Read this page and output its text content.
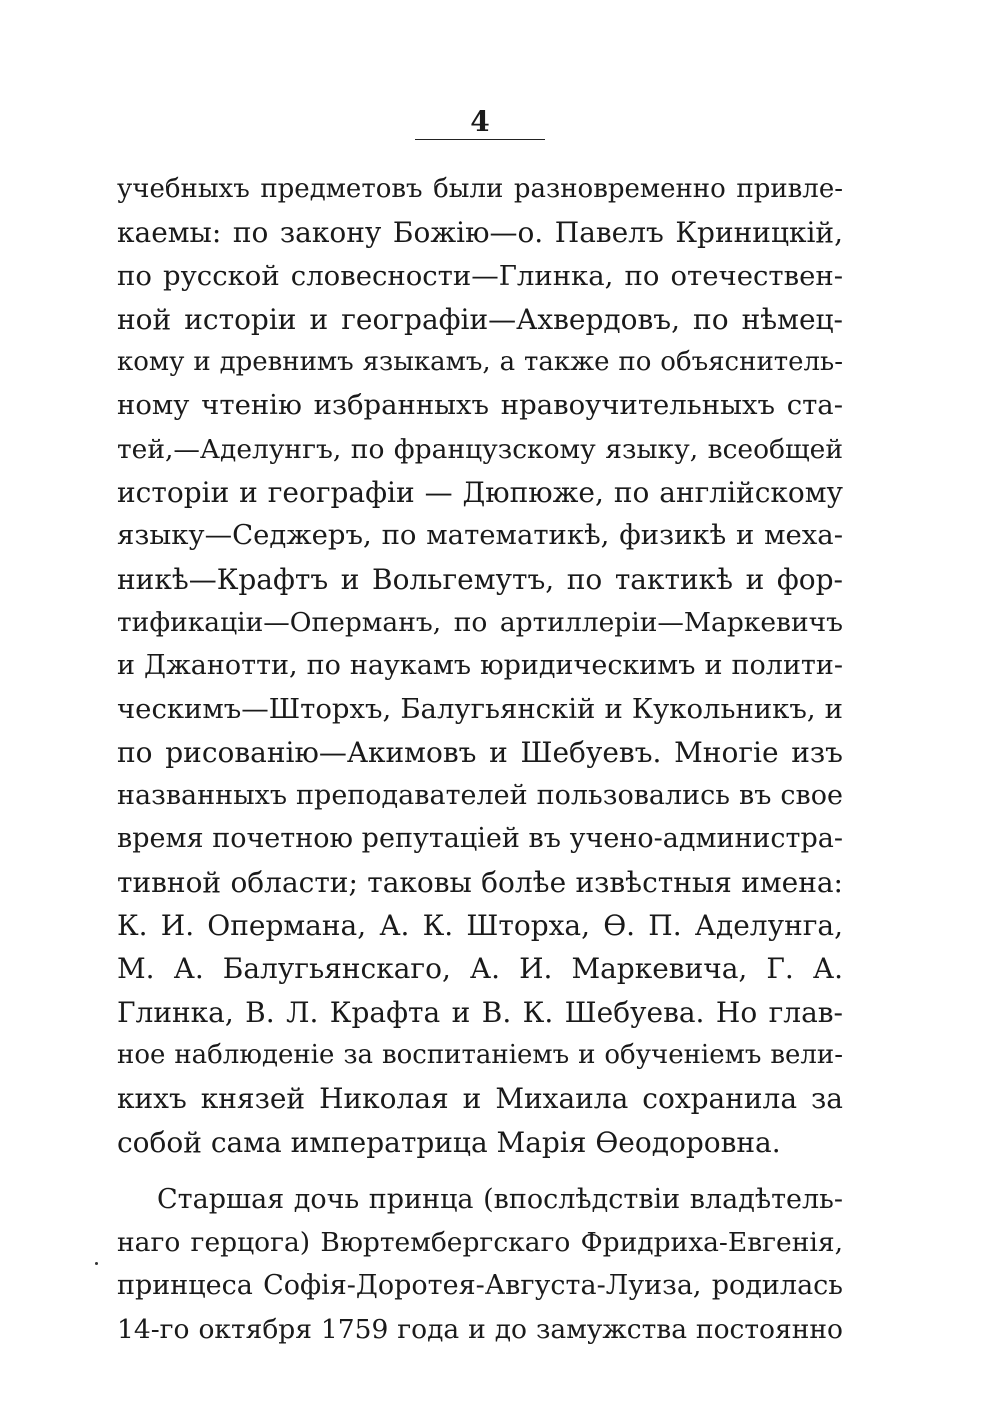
4
учебныхъ предметовъ были разновременно привле-
каемы: по закону Божiю—о. Павелъ Криницкiй,
по русской словесности—Глинка, по отечествен-
ной исторiи и географiи—Ахвердовъ, по нѣмец-
кому и древнимъ языкамъ, а также по объяснитель-
ному чтенiю избранныхъ нравоучительныхъ ста-
тей,—Аделунгъ, по французскому языку, всеобщей
исторiи и географiи — Дюпюже, по англiйскому
языку—Седжеръ, по математикѣ, физикѣ и меха-
никѣ—Крафтъ и Вольгемутъ, по тактикѣ и фор-
тификацiи—Оперманъ, по артиллерiи—Маркевичъ
и Джанотти, по наукамъ юридическимъ и полити-
ческимъ—Шторхъ, Балугьянскiй и Кукольникъ, и
по рисованiю—Акимовъ и Шебуевъ. Многiе изъ
названныхъ преподавателей пользовались въ свое
время почетною репутацiей въ учено-администра-
тивной области; таковы болѣе извѣстныя имена:
К. И. Опермана, А. К. Шторха, Ѳ. П. Аделунга,
М. А. Балугьянскаго, А. И. Маркевича, Г. А.
Глинка, В. Л. Крафта и В. К. Шебуева. Но глав-
ное наблюденiе за воспитанiемъ и обученiемъ вели-
кихъ князей Николая и Михаила сохранила за
собой сама императрица Марiя Ѳеодоровна.
Старшая дочь принца (впослѣдствiи владѣтель-
наго герцога) Вюртембергскаго Фридриха-Евгенiя,
принцеса Софiя-Доротея-Августа-Луиза, родилась
14-го октября 1759 года и до замужства постоянно
